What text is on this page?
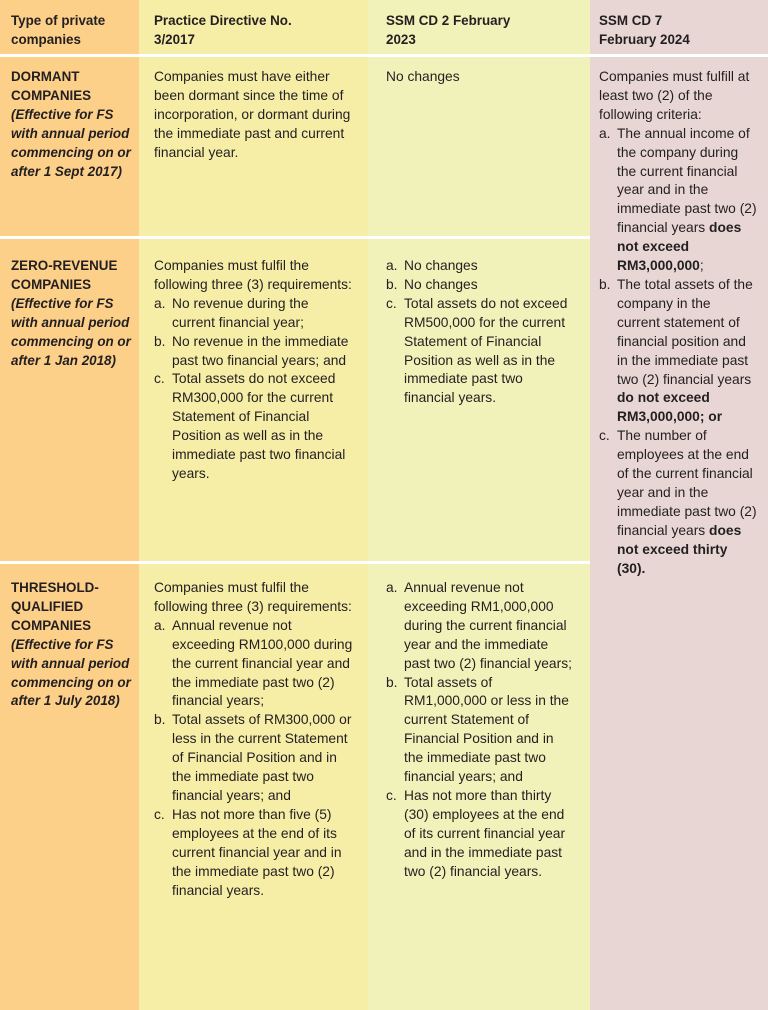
Type of private companies
Practice Directive No. 3/2017
SSM CD 2 February 2023
SSM CD 7 February 2024
DORMANT COMPANIES
(Effective for FS with annual period commencing on or after 1 Sept 2017)
Companies must have either been dormant since the time of incorporation, or dormant during the immediate past and current financial year.
No changes
ZERO-REVENUE COMPANIES
(Effective for FS with annual period commencing on or after 1 Jan 2018)
Companies must fulfil the following three (3) requirements:
a. No revenue during the current financial year;
b. No revenue in the immediate past two financial years; and
c. Total assets do not exceed RM300,000 for the current Statement of Financial Position as well as in the immediate past two financial years.
a. No changes
b. No changes
c. Total assets do not exceed RM500,000 for the current Statement of Financial Position as well as in the immediate past two financial years.
THRESHOLD-QUALIFIED COMPANIES
(Effective for FS with annual period commencing on or after 1 July 2018)
Companies must fulfil the following three (3) requirements:
a. Annual revenue not exceeding RM100,000 during the current financial year and the immediate past two (2) financial years;
b. Total assets of RM300,000 or less in the current Statement of Financial Position and in the immediate past two financial years; and
c. Has not more than five (5) employees at the end of its current financial year and in the immediate past two (2) financial years.
a. Annual revenue not exceeding RM1,000,000 during the current financial year and the immediate past two (2) financial years;
b. Total assets of RM1,000,000 or less in the current Statement of Financial Position and in the immediate past two financial years; and
c. Has not more than thirty (30) employees at the end of its current financial year and in the immediate past two (2) financial years.
Companies must fulfill at least two (2) of the following criteria:
a. The annual income of the company during the current financial year and in the immediate past two (2) financial years does not exceed RM3,000,000;
b. The total assets of the company in the current statement of financial position and in the immediate past two (2) financial years do not exceed RM3,000,000; or
c. The number of employees at the end of the current financial year and in the immediate past two (2) financial years does not exceed thirty (30).
